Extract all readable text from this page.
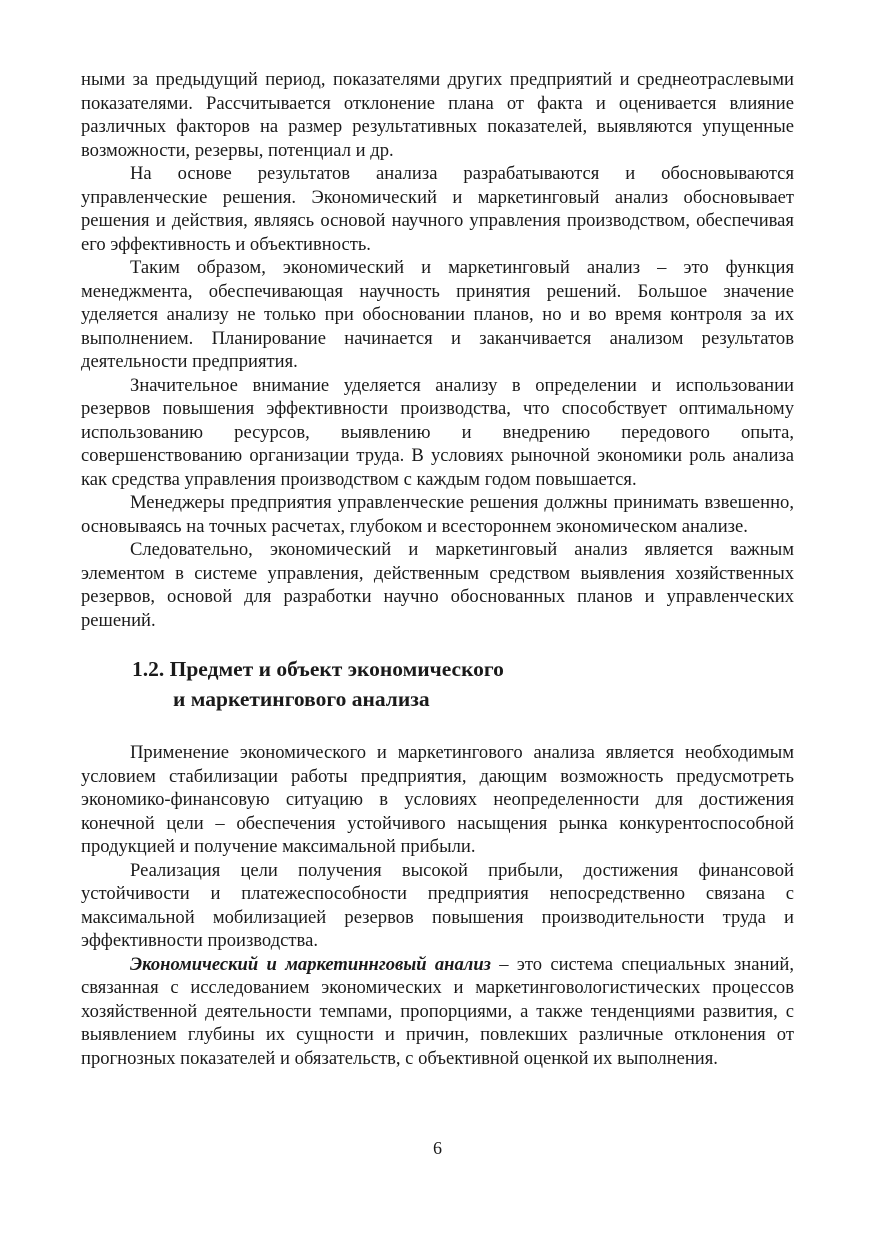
ными за предыдущий период, показателями других предприятий и среднеотраслевыми показателями. Рассчитывается отклонение плана от факта и оценивается влияние различных факторов на размер результативных показателей, выявляются упущенные возможности, резервы, потенциал и др.

На основе результатов анализа разрабатываются и обосновываются управленческие решения. Экономический и маркетинговый анализ обосновывает решения и действия, являясь основой научного управления производством, обеспечивая его эффективность и объективность.

Таким образом, экономический и маркетинговый анализ – это функция менеджмента, обеспечивающая научность принятия решений. Большое значение уделяется анализу не только при обосновании планов, но и во время контроля за их выполнением. Планирование начинается и заканчивается анализом результатов деятельности предприятия.

Значительное внимание уделяется анализу в определении и использовании резервов повышения эффективности производства, что способствует оптимальному использованию ресурсов, выявлению и внедрению передового опыта, совершенствованию организации труда. В условиях рыночной экономики роль анализа как средства управления производством с каждым годом повышается.

Менеджеры предприятия управленческие решения должны принимать взвешенно, основываясь на точных расчетах, глубоком и всестороннем экономическом анализе.

Следовательно, экономический и маркетинговый анализ является важным элементом в системе управления, действенным средством выявления хозяйственных резервов, основой для разработки научно обоснованных планов и управленческих решений.

1.2. Предмет и объект экономического
и маркетингового анализа

Применение экономического и маркетингового анализа является необходимым условием стабилизации работы предприятия, дающим возможность предусмотреть экономико-финансовую ситуацию в условиях неопределенности для достижения конечной цели – обеспечения устойчивого насыщения рынка конкурентоспособной продукцией и получение максимальной прибыли.

Реализация цели получения высокой прибыли, достижения финансовой устойчивости и платежеспособности предприятия непосредственно связана с максимальной мобилизацией резервов повышения производительности труда и эффективности производства.

Экономический и маркетиннговый анализ – это система специальных знаний, связанная с исследованием экономических и маркетинговологистических процессов хозяйственной деятельности темпами, пропорциями, а также тенденциями развития, с выявлением глубины их сущности и причин, повлекших различные отклонения от прогнозных показателей и обязательств, с объективной оценкой их выполнения.

6
